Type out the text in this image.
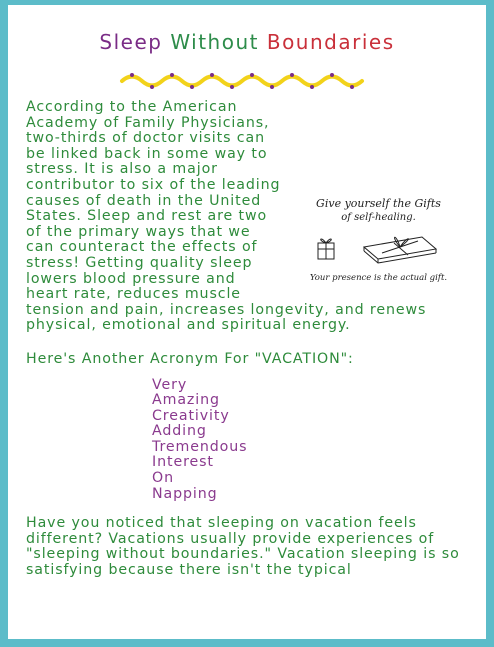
Sleep Without Boundaries
Give yourself the Gifts
of self-healing.
Your presence is the actual gift.

According to the American Academy of Family Physicians, two-thirds of doctor visits can be linked back in some way to stress. It is also a major contributor to six of the leading causes of death in the United States. Sleep and rest are two of the primary ways that we can counteract the effects of stress! Getting quality sleep lowers blood pressure and heart rate, reduces muscle tension and pain, increases longevity, and renews physical, emotional and spiritual energy.

Here's Another Acronym For "VACATION":

Very
Amazing
Creativity
Adding
Tremendous
Interest
On
Napping

Have you noticed that sleeping on vacation feels different? Vacations usually provide experiences of "sleeping without boundaries." Vacation sleeping is so satisfying because there isn't the typical
